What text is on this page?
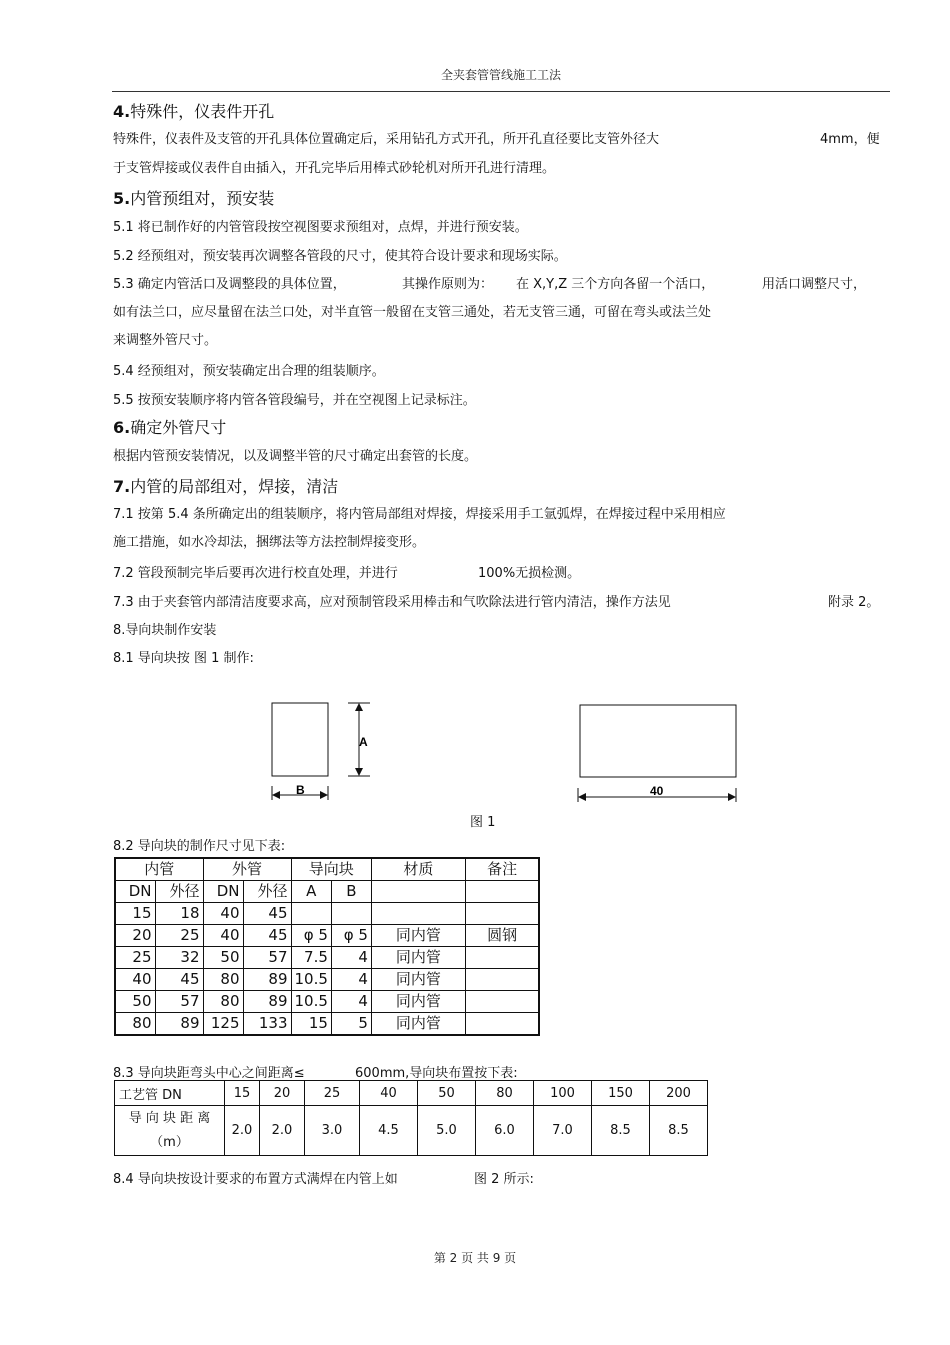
全夹套管管线施工工法
4.特殊件，仪表件开孔
特殊件，仪表件及支管的开孔具体位置确定后，采用钻孔方式开孔，所开孔直径要比支管外径大	4mm，便
于支管焊接或仪表件自由插入，开孔完毕后用棒式砂轮机对所开孔进行清理。
5.内管预组对，预安装
5.1 将已制作好的内管管段按空视图要求预组对，点焊，并进行预安装。
5.2 经预组对，预安装再次调整各管段的尺寸，使其符合设计要求和现场实际。
5.3 确定内管活口及调整段的具体位置，	其操作原则为： 在 X,Y,Z 三个方向各留一个活口，	用活口调整尺寸，
如有法兰口，应尽量留在法兰口处，对半直管一般留在支管三通处，若无支管三通，可留在弯头或法兰处
来调整外管尺寸。
5.4 经预组对，预安装确定出合理的组装顺序。
5.5 按预安装顺序将内管各管段编号，并在空视图上记录标注。
6.确定外管尺寸
根据内管预安装情况，以及调整半管的尺寸确定出套管的长度。
7.内管的局部组对，焊接，清洁
7.1 按第 5.4 条所确定出的组装顺序，将内管局部组对焊接，焊接采用手工氩弧焊，在焊接过程中采用相应
施工措施，如水冷却法，捆绑法等方法控制焊接变形。
7.2 管段预制完毕后要再次进行校直处理，并进行	100%无损检测。
7.3 由于夹套管内部清洁度要求高，应对预制管段采用棒击和气吹除法进行管内清洁，操作方法见	附录 2。
8.导向块制作安装
8.1 导向块按 图 1 制作:
A
B	40
图 1
8.2 导向块的制作尺寸见下表:
内管		外管		导向块		材质	备注
DN	外径	DN	外径	A	B		
15	18	40	45				
20	25	40	45	φ 5	φ 5	同内管	圆钢
25	32	50	57	7.5	4	同内管	
40	45	80	89	10.5	4	同内管	
50	57	80	89	10.5	4	同内管	
80	89	125	133	15	5	同内管	
8.3 导向块距弯头中心之间距离≤	600mm,导向块布置按下表:
工艺管 DN	15	20	25	40	50	80	100	150	200

导 向 块 距 离
（m）	2.0	2.0	3.0	4.5	5.0	6.0	7.0	8.5	8.5
8.4 导向块按设计要求的布置方式满焊在内管上如	图 2 所示:
第 2 页 共 9 页
